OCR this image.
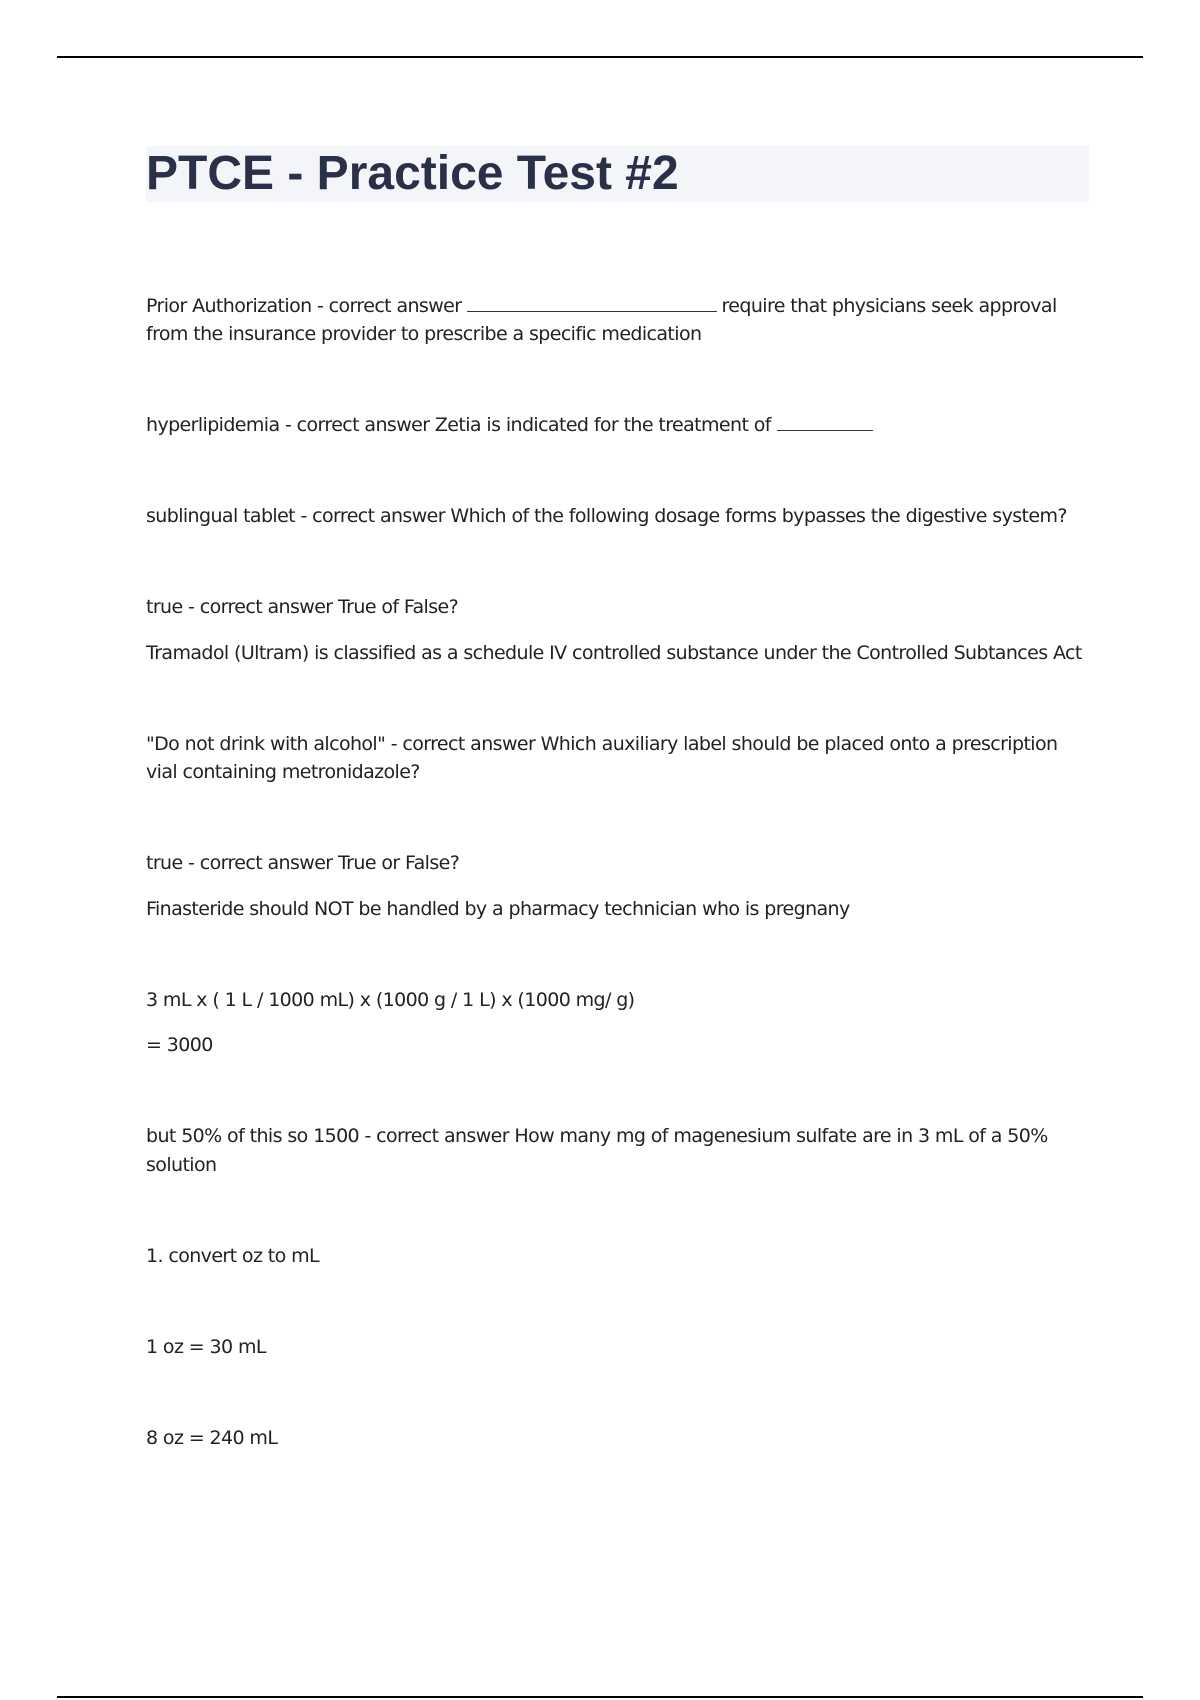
PTCE - Practice Test #2
Prior Authorization - correct answer	require that physicians seek approval
from the insurance provider to prescribe a specific medication
hyperlipidemia - correct answer Zetia is indicated for the treatment of
sublingual tablet - correct answer Which of the following dosage forms bypasses the digestive system?
true - correct answer True of False?
Tramadol (Ultram) is classified as a schedule IV controlled substance under the Controlled Subtances Act
"Do not drink with alcohol" - correct answer Which auxiliary label should be placed onto a prescription
vial containing metronidazole?
true - correct answer True or False?
Finasteride should NOT be handled by a pharmacy technician who is pregnany
3 mL x ( 1 L / 1000 mL) x (1000 g / 1 L) x (1000 mg/ g)
= 3000
but 50% of this so 1500 - correct answer How many mg of magenesium sulfate are in 3 mL of a 50%
solution
1. convert oz to mL
1 oz = 30 mL
8 oz = 240 mL
